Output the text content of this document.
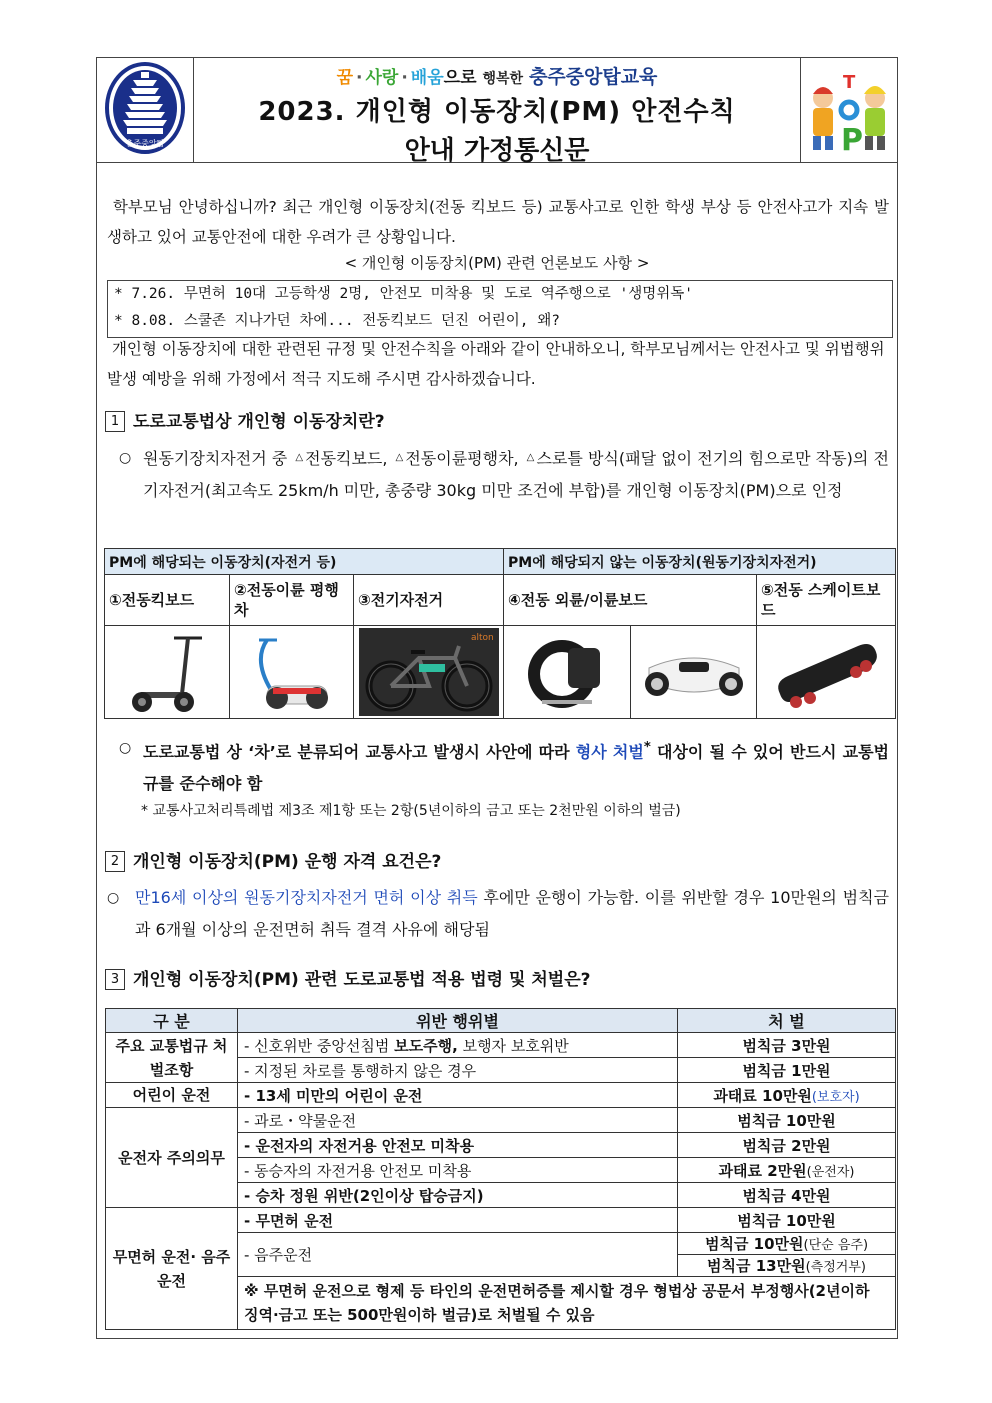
충주중앙탑
꿈 · 사랑 · 배움으로 행복한 충주중앙탑교육
2023. 개인형 이동장치(PM) 안전수칙
안내 가정통신문
T
P
학부모님 안녕하십니까? 최근 개인형 이동장치(전동 킥보드 등) 교통사고로 인한 학생 부상 등 안전사고가 지속 발생하고 있어 교통안전에 대한 우려가 큰 상황입니다.
< 개인형 이동장치(PM) 관련 언론보도 사항 >
* 7.26. 무면허 10대 고등학생 2명, 안전모 미착용 및 도로 역주행으로 '생명위독'
* 8.08. 스쿨존 지나가던 차에... 전동킥보드 던진 어린이, 왜?
개인형 이동장치에 대한 관련된 규정 및 안전수칙을 아래와 같이 안내하오니, 학부모님께서는 안전사고 및 위법행위 발생 예방을 위해 가정에서 적극 지도해 주시면 감사하겠습니다.
1 도로교통법상 개인형 이동장치란?
○ 원동기장치자전거 중 △ 전동킥보드, △ 전동이륜평행차, △ 스로틀 방식(패달 없이 전기의 힘으로만 작동)의 전기자전거(최고속도 25km/h 미만, 총중량 30kg 미만 조건에 부합)를 개인형 이동장치(PM)으로 인정
PM에 해당되는 이동장치(자전거 등)			PM에 해당되지 않는 이동장치(원동기장치자전거)		
①전동킥보드	②전동이륜 평행차	③전기자전거	④전동 외륜/이륜보드		⑤전동 스케이트보드

alton

○ 도로교통법 상 ‘차’로 분류되어 교통사고 발생시 사안에 따라 형사 처벌* 대상이 될 수 있어 반드시 교통법규를 준수해야 함
* 교통사고처리특례법 제3조 제1항 또는 2항(5년이하의 금고 또는 2천만원 이하의 벌금)
2 개인형 이동장치(PM) 운행 자격 요건은?
○ 만16세 이상의 원동기장치자전거 면허 이상 취득 후에만 운행이 가능함. 이를 위반할 경우 10만원의 범칙금과 6개월 이상의 운전면허 취득 결격 사유에 해당됨
3 개인형 이동장치(PM) 관련 도로교통법 적용 법령 및 처벌은?
구 분	위반 행위별	처 벌
주요 교통법규 처벌조항	- 신호위반 중앙선침범 보도주행, 보행자 보호위반	범칙금 3만원
	- 지정된 차로를 통행하지 않은 경우	범칙금 1만원
어린이 운전	- 13세 미만의 어린이 운전	과태료 10만원(보호자)
운전자 주의의무	- 과로・약물운전	범칙금 10만원
	- 운전자의 자전거용 안전모 미착용	범칙금 2만원
	- 동승자의 자전거용 안전모 미착용	과태료 2만원(운전자)
	- 승차 정원 위반(2인이상 탑승금지)	범칙금 4만원
무면허 운전· 음주운전	- 무면허 운전	범칙금 10만원
	- 음주운전	범칙금 10만원(단순 음주)
		범칙금 13만원(측정거부)
	※ 무면허 운전으로 형제 등 타인의 운전면허증를 제시할 경우 형법상 공문서 부정행사(2년이하 징역·금고 또는 500만원이하 벌금)로 처벌될 수 있음	
